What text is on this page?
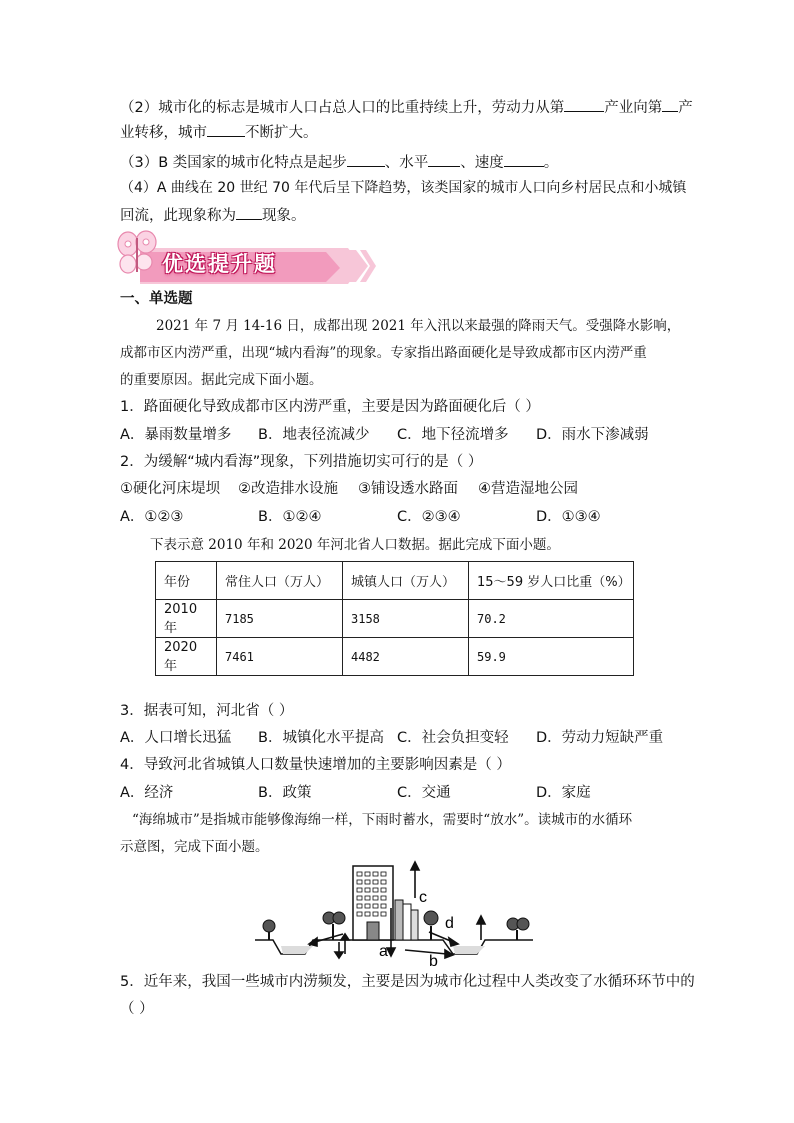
（2）城市化的标志是城市人口占总人口的比重持续上升，劳动力从第	产业向第 产
业转移，城市	不断扩大。
（3）B 类国家的城市化特点是起步	、水平 、速度	。
（4）A 曲线在 20 世纪 70 年代后呈下降趋势，该类国家的城市人口向乡村居民点和小城镇
回流，此现象称为 现象。
优选提升题
一、单选题
2021 年 7 月 14-16 日，成都出现 2021 年入汛以来最强的降雨天气。受强降水影响，
成都市区内涝严重，出现“城内看海”的现象。专家指出路面硬化是导致成都市区内涝严重
的重要原因。据此完成下面小题。
1．路面硬化导致成都市区内涝严重，主要是因为路面硬化后（ ）
A．暴雨数量增多 B．地表径流减少 C．地下径流增多 D．雨水下渗减弱
2．为缓解“城内看海”现象，下列措施切实可行的是（ ）
①硬化河床堤坝 ②改造排水设施 ③铺设透水路面 ④营造湿地公园
A．①②③	B．①②④	C．②③④	D．①③④
下表示意 2010 年和 2020 年河北省人口数据。据此完成下面小题。
年份	常住人口（万人）	城镇人口（万人）	15～59 岁人口比重（%）
2010 年	7185	3158	70.2
2020 年	7461	4482	59.9
3．据表可知，河北省（ ）
A．人口增长迅猛 B．城镇化水平提高 C．社会负担变轻 D．劳动力短缺严重
4．导致河北省城镇人口数量快速增加的主要影响因素是（ ）
A．经济	B．政策	C．交通	D．家庭
“海绵城市”是指城市能够像海绵一样，下雨时蓄水，需要时“放水”。读城市的水循环
示意图，完成下面小题。
a
b
c
d
5．近年来，我国一些城市内涝频发，主要是因为城市化过程中人类改变了水循环环节中的
（ ）
